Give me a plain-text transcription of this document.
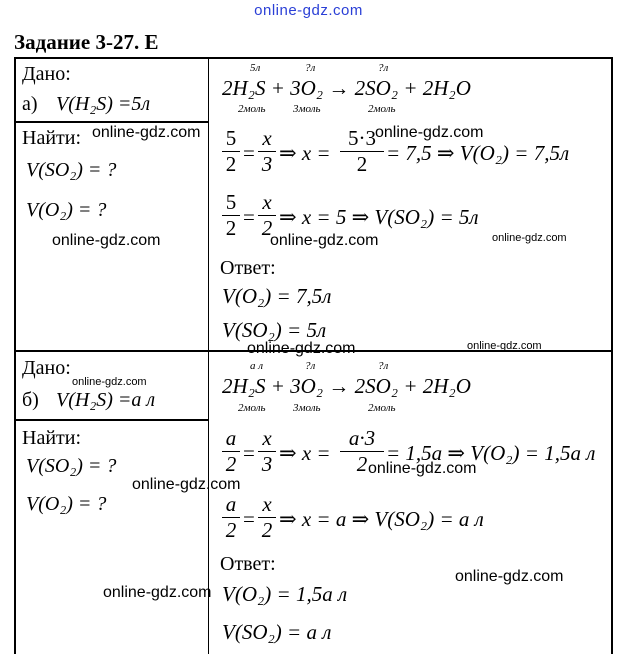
online-gdz.com
Задание 3-27. Е
Дано:
а) V(H₂S) =5л
Найти:
V(SO₂) = ?
V(O₂) = ?
5л	?л	?л
2H₂S + 3O₂ → 2SO₂ + 2H₂O
2моль 3моль	2моль
5
2 =
x
3 ⇒ x =
5·3
2 = 7,5 ⇒ V(O₂) = 7,5л
5
2 =
x
2 ⇒ x = 5 ⇒ V(SO₂) = 5л
Ответ:
V(O₂) = 7,5л
V(SO₂) = 5л
Дано:
б) V(H₂S) =a л
Найти:
V(SO₂) = ?
V(O₂) = ?
a л	?л	?л
2H₂S + 3O₂ → 2SO₂ + 2H₂O
2моль 3моль	2моль
a
2 =
x
3 ⇒ x =
a·3
2 = 1,5a ⇒ V(O₂) = 1,5a л
a
2 =
x
2 ⇒ x = a ⇒ V(SO₂) = a л
Ответ:
V(O₂) = 1,5a л
V(SO₂) = a л
online-gdz.com	online-gdz.com
online-gdz.com	online-gdz.com	online-gdz.com
online-gdz.com	online-gdz.com
online-gdz.com
online-gdz.com
online-gdz.com
online-gdz.com
online-gdz.com
